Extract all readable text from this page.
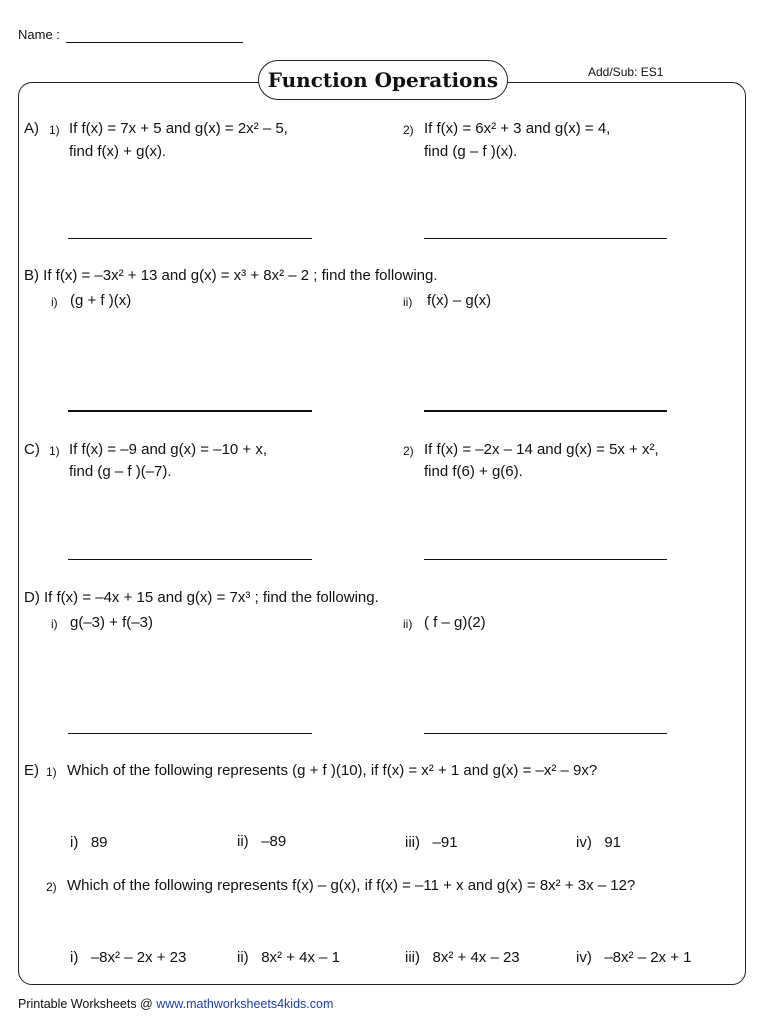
Name :
Add/Sub: ES1
Function Operations
A) 1) If f(x) = 7x + 5 and g(x) = 2x² – 5,
find f(x) + g(x).
2) If f(x) = 6x² + 3 and g(x) = 4,
find (g – f )(x).
B) If f(x) = –3x² + 13 and g(x) = x³ + 8x² – 2 ; find the following.
i) (g + f )(x)	ii) f(x) – g(x)
C) 1) If f(x) = –9 and g(x) = –10 + x,
find (g – f )(–7).
2) If f(x) = –2x – 14 and g(x) = 5x + x²,
find f(6) + g(6).
D) If f(x) = –4x + 15 and g(x) = 7x³ ; find the following.
i) g(–3) + f(–3)	ii) ( f – g)(2)
E) 1) Which of the following represents (g + f )(10), if f(x) = x² + 1 and g(x) = –x² – 9x?
i) 89	ii) –89	iii) –91	iv) 91
2) Which of the following represents f(x) – g(x), if f(x) = –11 + x and g(x) = 8x² + 3x – 12?
i) –8x² – 2x + 23	ii) 8x² + 4x – 1	iii) 8x² + 4x – 23	iv) –8x² – 2x + 1
Printable Worksheets @ www.mathworksheets4kids.com
